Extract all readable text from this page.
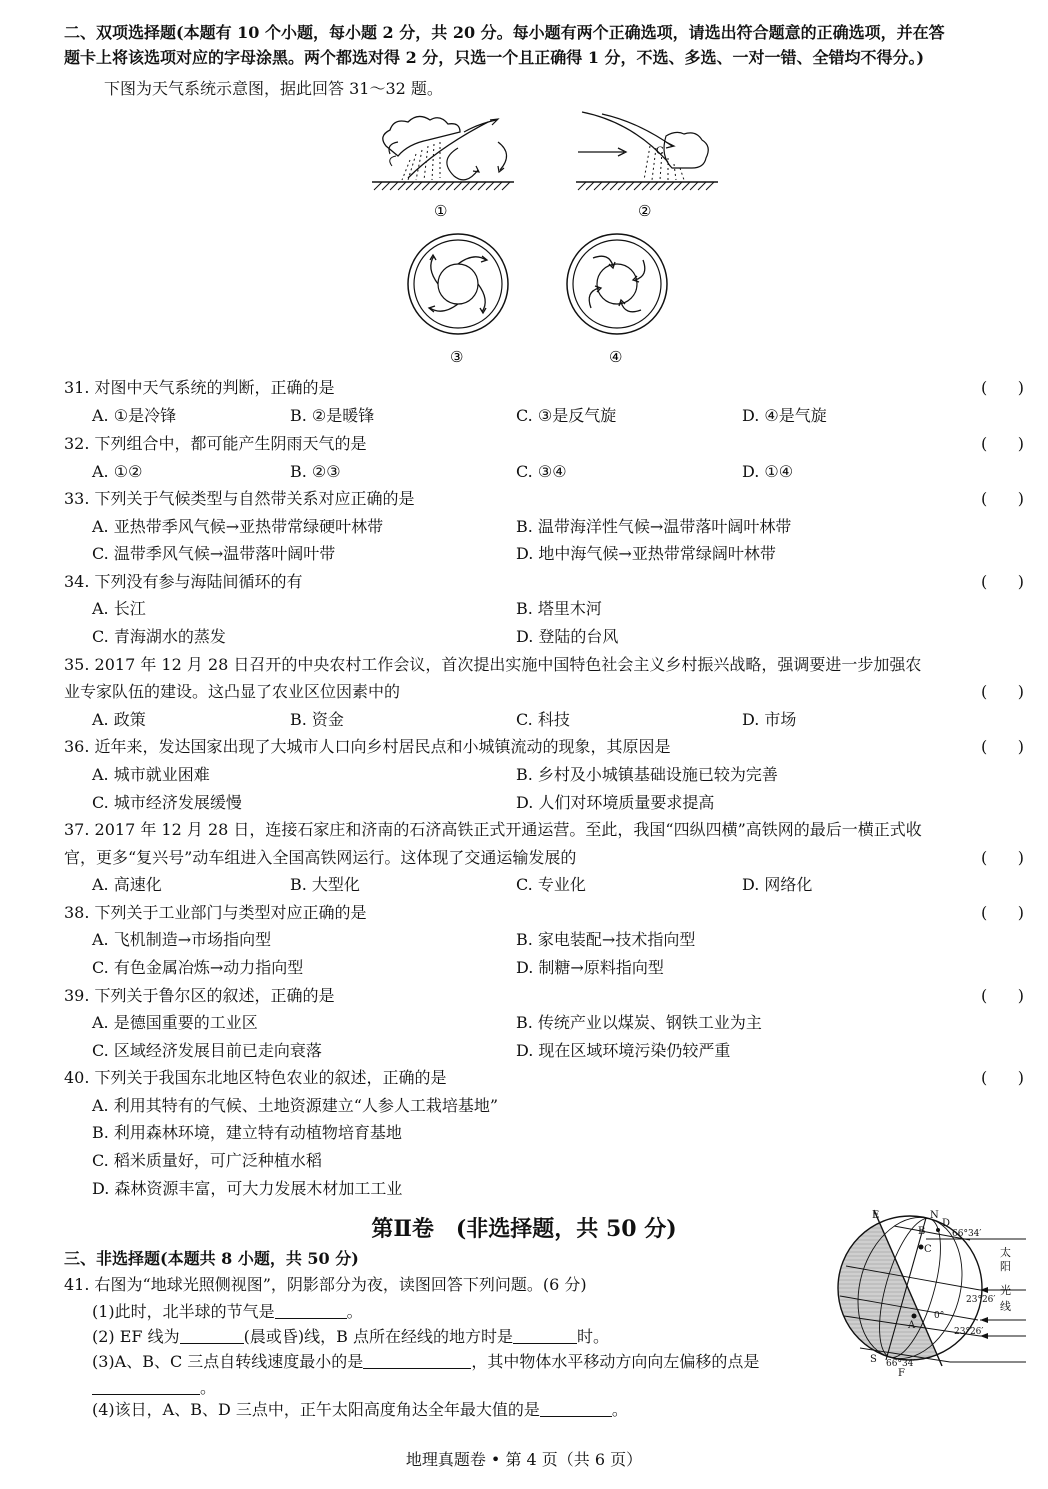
二、双项选择题(本题有 10 个小题，每小题 2 分，共 20 分。每小题有两个正确选项，请选出符合题意的正确选项，并在答
题卡上将该选项对应的字母涂黑。两个都选对得 2 分，只选一个且正确得 1 分，不选、多选、一对一错、全错均不得分。)
下图为天气系统示意图，据此回答 31～32 题。
①
C
②
③	④
31. 对图中天气系统的判断，正确的是	(      )
A. ①是冷锋	B. ②是暖锋	C. ③是反气旋	D. ④是气旋
32. 下列组合中，都可能产生阴雨天气的是	(      )
A. ①②	B. ②③	C. ③④	D. ①④
33. 下列关于气候类型与自然带关系对应正确的是	(      )
A. 亚热带季风气候→亚热带常绿硬叶林带	B. 温带海洋性气候→温带落叶阔叶林带
C. 温带季风气候→温带落叶阔叶带	D. 地中海气候→亚热带常绿阔叶林带
34. 下列没有参与海陆间循环的有	(      )
A. 长江	B. 塔里木河
C. 青海湖水的蒸发	D. 登陆的台风
35. 2017 年 12 月 28 日召开的中央农村工作会议，首次提出实施中国特色社会主义乡村振兴战略，强调要进一步加强农
业专家队伍的建设。这凸显了农业区位因素中的	(      )
A. 政策	B. 资金	C. 科技	D. 市场
36. 近年来，发达国家出现了大城市人口向乡村居民点和小城镇流动的现象，其原因是	(      )
A. 城市就业困难	B. 乡村及小城镇基础设施已较为完善
C. 城市经济发展缓慢	D. 人们对环境质量要求提高
37. 2017 年 12 月 28 日，连接石家庄和济南的石济高铁正式开通运营。至此，我国“四纵四横”高铁网的最后一横正式收
官，更多“复兴号”动车组进入全国高铁网运行。这体现了交通运输发展的	(      )
A. 高速化	B. 大型化	C. 专业化	D. 网络化
38. 下列关于工业部门与类型对应正确的是	(      )
A. 飞机制造→市场指向型	B. 家电装配→技术指向型
C. 有色金属冶炼→动力指向型	D. 制糖→原料指向型
39. 下列关于鲁尔区的叙述，正确的是	(      )
A. 是德国重要的工业区	B. 传统产业以煤炭、钢铁工业为主
C. 区域经济发展目前已走向衰落	D. 现在区域环境污染仍较严重
40. 下列关于我国东北地区特色农业的叙述，正确的是	(      )
A. 利用其特有的气候、土地资源建立“人参人工栽培基地”
B. 利用森林环境，建立特有动植物培育基地
C. 稻米质量好，可广泛种植水稻
D. 森林资源丰富，可大力发展木材加工工业
第Ⅱ卷　(非选择题，共 50 分)
三、非选择题(本题共 8 小题，共 50 分)
41. 右图为“地球光照侧视图”，阴影部分为夜，读图回答下列问题。(6 分)
(1)此时，北半球的节气是	。
(2) EF 线为	(晨或昏)线，B 点所在经线的地方时是	时。
(3)A、B、C 三点自转线速度最小的是	，其中物体水平移动方向向左偏移的点是
。
(4)该日，A、B、D 三点中，正午太阳高度角达全年最大值的是	。
E	N
D
C
A
B
S
F
66°34′
23°26′
0°
23°26′
66°34′
太
阳
光
线
地理真题卷 • 第 4 页（共 6 页）
